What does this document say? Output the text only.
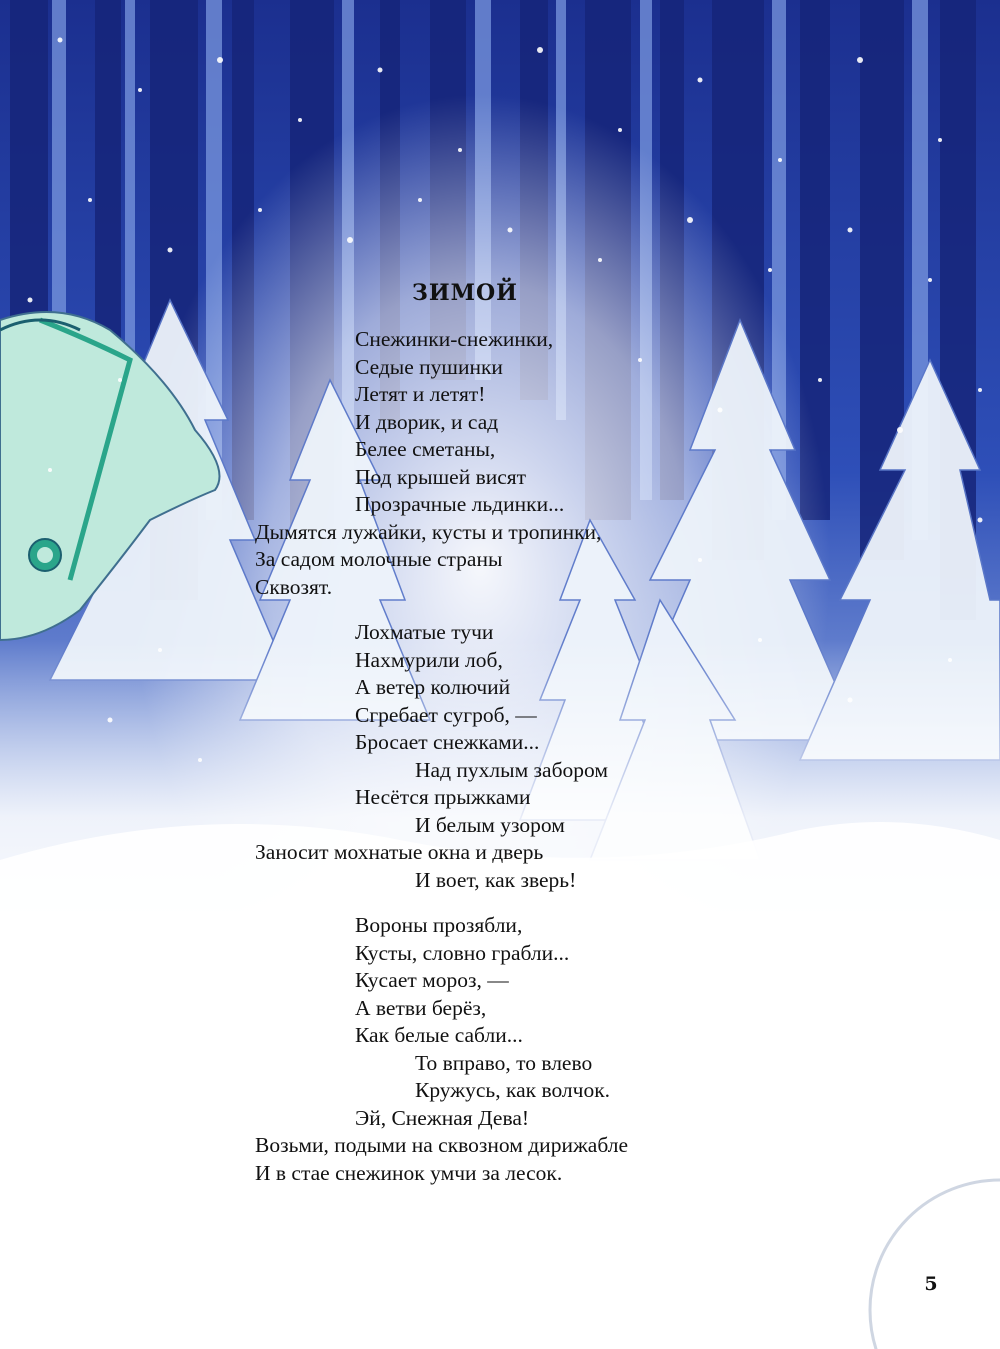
ЗИМОЙ
Снежинки-снежинки,
Седые пушинки
Летят и летят!
И дворик, и сад
Белее сметаны,
Под крышей висят
Прозрачные льдинки...
Дымятся лужайки, кусты и тропинки,
За садом молочные страны
Сквозят.
Лохматые тучи
Нахмурили лоб,
А ветер колючий
Сгребает сугроб, —
Бросает снежками...
Над пухлым забором
Несётся прыжками
И белым узором
Заносит мохнатые окна и дверь
И воет, как зверь!
Вороны прозябли,
Кусты, словно грабли...
Кусает мороз, —
А ветви берёз,
Как белые сабли...
То вправо, то влево
Кружусь, как волчок.
Эй, Снежная Дева!
Возьми, подыми на сквозном дирижабле
И в стае снежинок умчи за лесок.
5
